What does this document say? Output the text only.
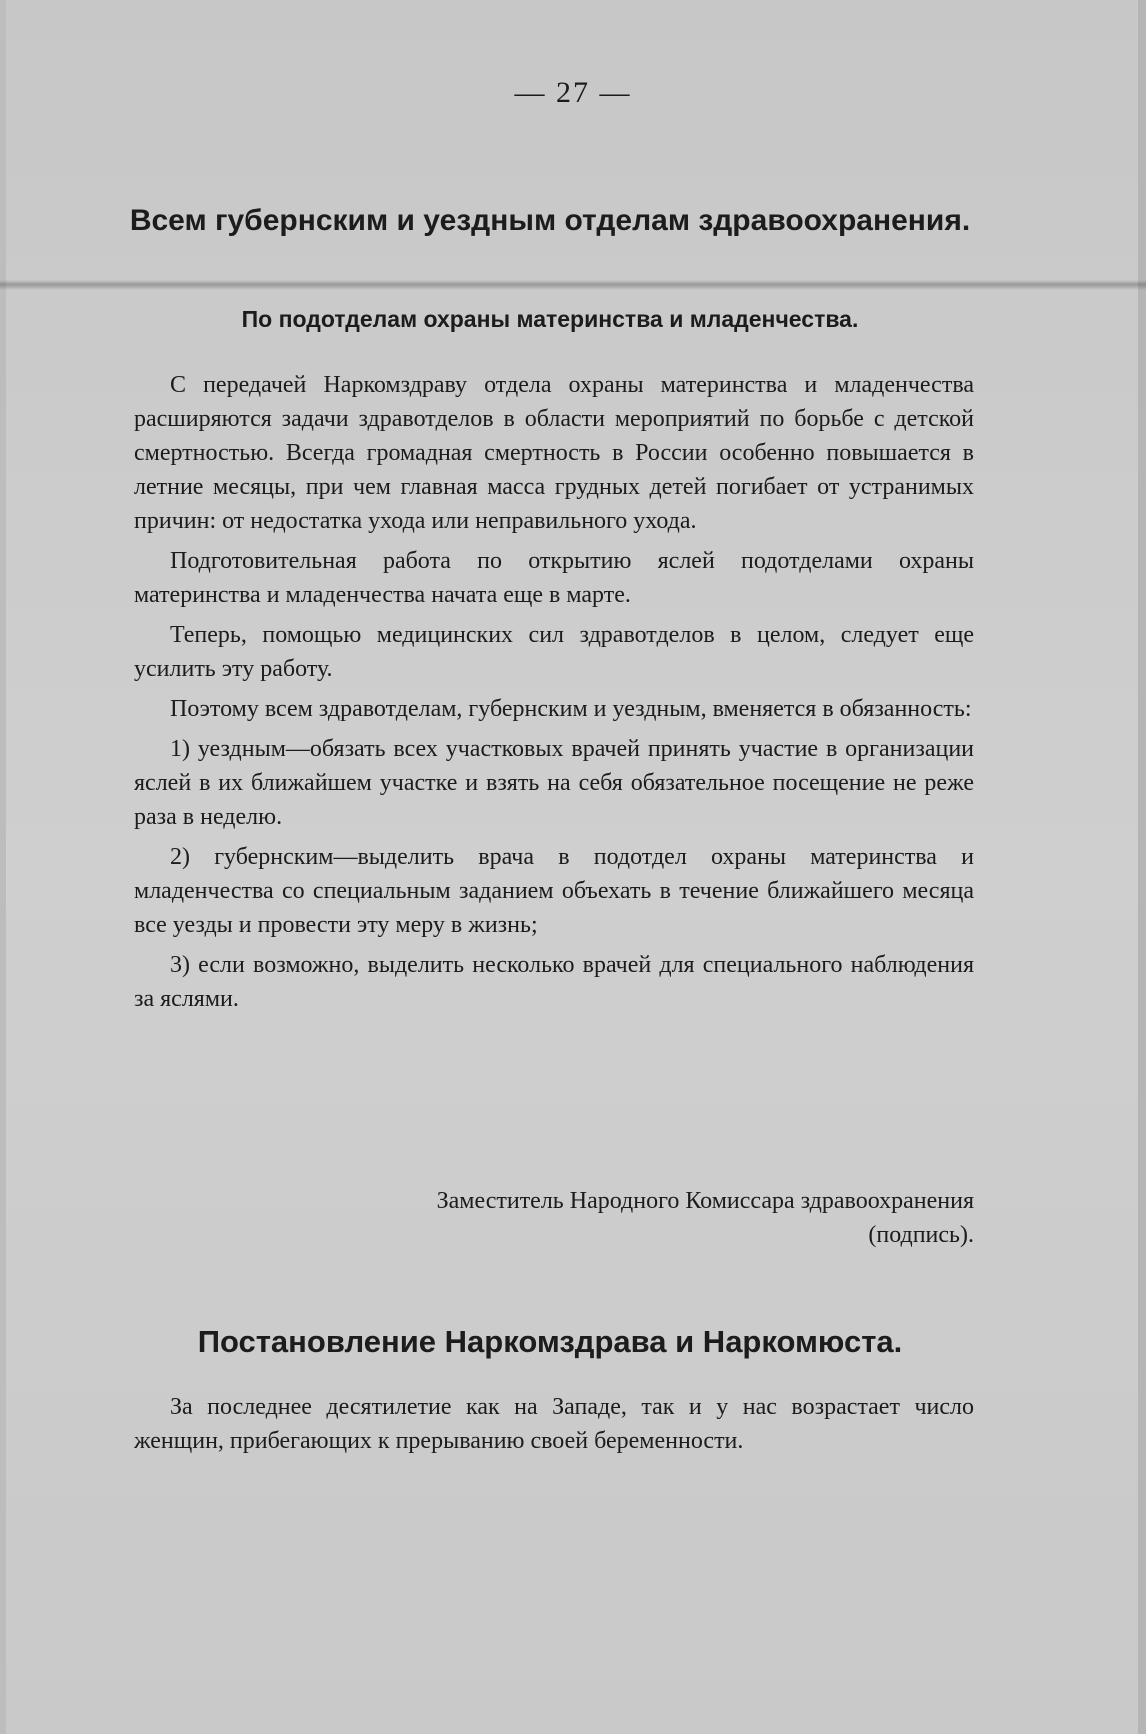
— 27 —
Всем губернским и уездным отделам здравоохранения.
По подотделам охраны материнства и младенчества.

С передачей Наркомздраву отдела охраны материнства и младенчества расширяются задачи здравотделов в области мероприятий по борьбе с детской смертностью. Всегда громадная смертность в России особенно повышается в летние месяцы, при чем главная масса грудных детей погибает от устранимых причин: от недостатка ухода или неправильного ухода.

Подготовительная работа по открытию яслей подотделами охраны материнства и младенчества начата еще в марте.

Теперь, помощью медицинских сил здравотделов в целом, следует еще усилить эту работу.

Поэтому всем здравотделам, губернским и уездным, вменяется в обязанность:

1) уездным—обязать всех участковых врачей принять участие в организации яслей в их ближайшем участке и взять на себя обязательное посещение не реже раза в неделю.

2) губернским—выделить врача в подотдел охраны материнства и младенчества со специальным заданием объехать в течение ближайшего месяца все уезды и провести эту меру в жизнь;

3) если возможно, выделить несколько врачей для специального наблюдения за яслями.

Заместитель Народного Комиссара здравоохранения
(подпись).
Постановление Наркомздрава и Наркомюста.

За последнее десятилетие как на Западе, так и у нас возрастает число женщин, прибегающих к прерыванию своей беременности.
